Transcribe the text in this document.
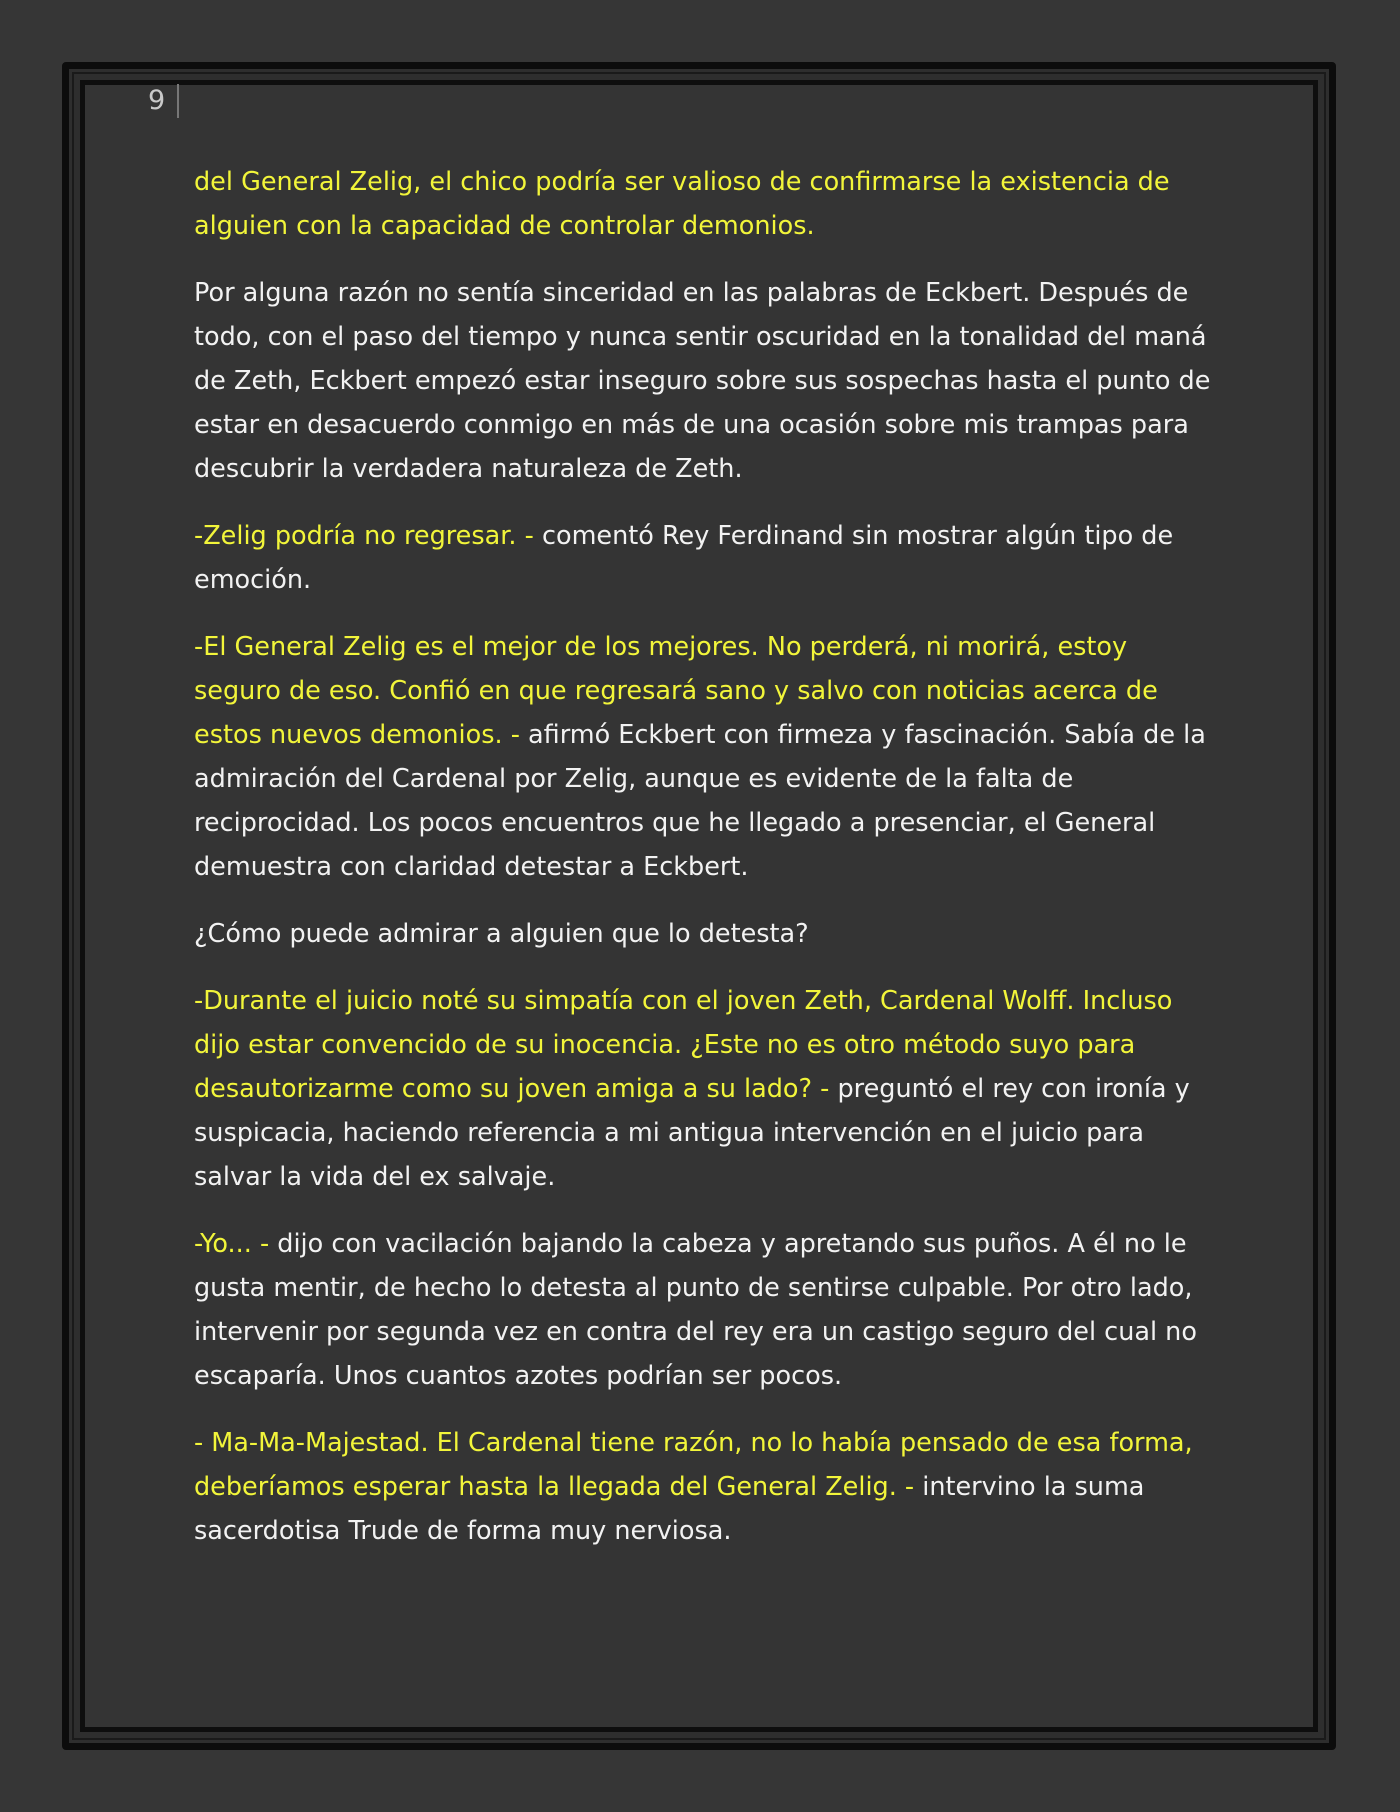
9

del General Zelig, el chico podría ser valioso de confirmarse la existencia de alguien con la capacidad de controlar demonios.

Por alguna razón no sentía sinceridad en las palabras de Eckbert. Después de todo, con el paso del tiempo y nunca sentir oscuridad en la tonalidad del maná de Zeth, Eckbert empezó estar inseguro sobre sus sospechas hasta el punto de estar en desacuerdo conmigo en más de una ocasión sobre mis trampas para descubrir la verdadera naturaleza de Zeth.

-Zelig podría no regresar. - comentó Rey Ferdinand sin mostrar algún tipo de emoción.

-El General Zelig es el mejor de los mejores. No perderá, ni morirá, estoy seguro de eso. Confió en que regresará sano y salvo con noticias acerca de estos nuevos demonios. - afirmó Eckbert con firmeza y fascinación. Sabía de la admiración del Cardenal por Zelig, aunque es evidente de la falta de reciprocidad. Los pocos encuentros que he llegado a presenciar, el General demuestra con claridad detestar a Eckbert.

¿Cómo puede admirar a alguien que lo detesta?

-Durante el juicio noté su simpatía con el joven Zeth, Cardenal Wolff. Incluso dijo estar convencido de su inocencia. ¿Este no es otro método suyo para desautorizarme como su joven amiga a su lado? - preguntó el rey con ironía y suspicacia, haciendo referencia a mi antigua intervención en el juicio para salvar la vida del ex salvaje.

-Yo... - dijo con vacilación bajando la cabeza y apretando sus puños. A él no le gusta mentir, de hecho lo detesta al punto de sentirse culpable. Por otro lado, intervenir por segunda vez en contra del rey era un castigo seguro del cual no escaparía. Unos cuantos azotes podrían ser pocos.

- Ma-Ma-Majestad. El Cardenal tiene razón, no lo había pensado de esa forma, deberíamos esperar hasta la llegada del General Zelig. - intervino la suma sacerdotisa Trude de forma muy nerviosa.
